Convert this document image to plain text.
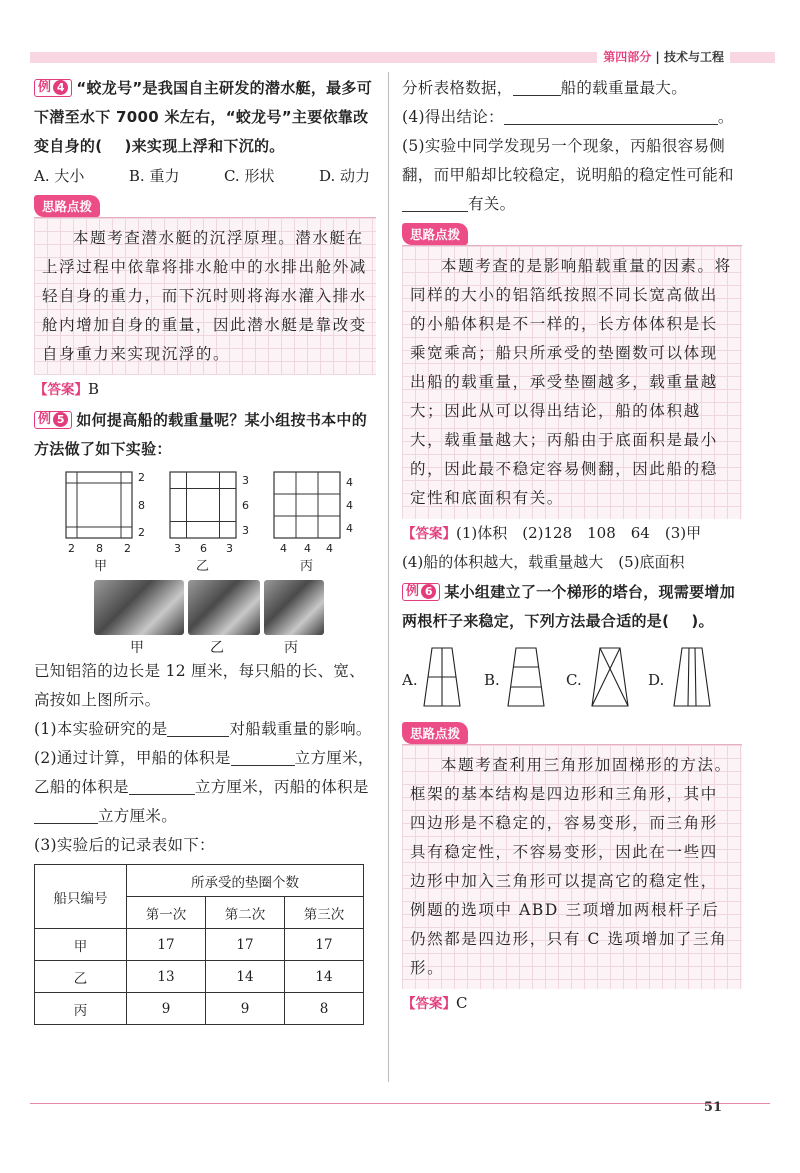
第四部分 | 技术与工程
例 4 “蛟龙号”是我国自主研发的潜水艇，最多可下潜至水下 7000 米左右，“蛟龙号”主要依靠改变自身的( )来实现上浮和下沉的。
A. 大小	B. 重力	C. 形状	D. 动力
思路点拨
本题考查潜水艇的沉浮原理。潜水艇在上浮过程中依靠将排水舱中的水排出舱外减轻自身的重力，而下沉时则将海水灌入排水舱内增加自身的重量，因此潜水艇是靠改变自身重力来实现沉浮的。
【答案】B
例 5 如何提高船的载重量呢？某小组按书本中的方法做了如下实验：
2
8
2
2 8 2
甲
3
6
3
3 6 3
乙
4
4
4
4 4 4
丙
甲	乙	丙
已知铝箔的边长是 12 厘米，每只船的长、宽、高按如上图所示。
(1)本实验研究的是	对船载重量的影响。
(2)通过计算，甲船的体积是	立方厘米，乙船的体积是	立方厘米，丙船的体积是立方厘米。
(3)实验后的记录表如下：
船只编号	所承受的垫圈个数		
	第一次	第二次	第三次
甲	17	17	17
乙	13	14	14
丙	9	9	8
分析表格数据，	船的载重量最大。
(4)得出结论：	。
(5)实验中同学发现另一个现象，丙船很容易侧翻，而甲船却比较稳定，说明船的稳定性可能和有关。
思路点拨
本题考查的是影响船载重量的因素。将同样的大小的铝箔纸按照不同长宽高做出的小船体积是不一样的，长方体体积是长乘宽乘高；船只所承受的垫圈数可以体现出船的载重量，承受垫圈越多，载重量越大；因此从可以得出结论，船的体积越大，载重量越大；丙船由于底面积是最小的，因此最不稳定容易侧翻，因此船的稳定性和底面积有关。
【答案】(1)体积　(2)128　108　64　(3)甲
(4)船的体积越大，载重量越大　(5)底面积
例 6 某小组建立了一个梯形的塔台，现需要增加两根杆子来稳定，下列方法最合适的是( )。
A.	B.	C.	D.
思路点拨
本题考查利用三角形加固梯形的方法。框架的基本结构是四边形和三角形，其中四边形是不稳定的，容易变形，而三角形具有稳定性，不容易变形，因此在一些四边形中加入三角形可以提高它的稳定性，例题的选项中 ABD 三项增加两根杆子后仍然都是四边形，只有 C 选项增加了三角形。
【答案】C
51
